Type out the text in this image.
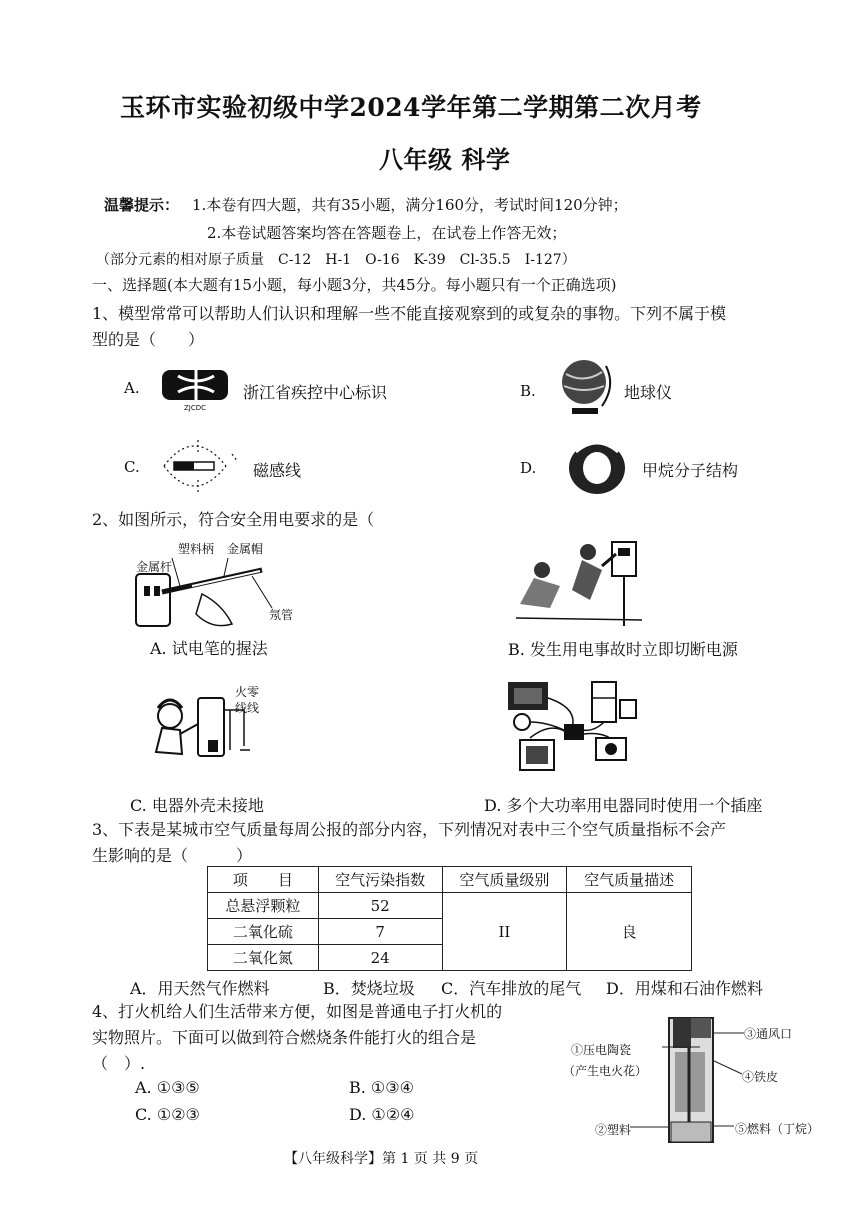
玉环市实验初级中学2024学年第二学期第二次月考
八年级 科学
温馨提示： 1.本卷有四大题，共有35小题，满分160分，考试时间120分钟；
2.本卷试题答案均答在答题卷上，在试卷上作答无效；
（部分元素的相对原子质量　C-12　H-1　O-16　K-39　Cl-35.5　I-127）
一、选择题(本大题有15小题，每小题3分，共45分。每小题只有一个正确选项)
1、模型常常可以帮助人们认识和理解一些不能直接观察到的或复杂的事物。下列不属于模
型的是（　　）
A.
ZJCDC
浙江省疾控中心标识	B.	地球仪
C.	磁感线	D.	甲烷分子结构
2、如图所示，符合安全用电要求的是（
塑料柄 金属帽
金属杆
氖管
A. 试电笔的握法	B. 发生用电事故时立即切断电源
火零
线线
C. 电器外壳未接地	D. 多个大功率用电器同时使用一个插座
3、下表是某城市空气质量每周公报的部分内容，下列情况对表中三个空气质量指标不会产
生影响的是（　　　）
项　　目	空气污染指数	空气质量级别	空气质量描述
总悬浮颗粒	52	II	良
二氧化硫	7		
二氧化氮	24		
A．用天然气作燃料	B．焚烧垃圾 C．汽车排放的尾气 D．用煤和石油作燃料
4、打火机给人们生活带来方便，如图是普通电子打火机的
实物照片。下面可以做到符合燃烧条件能打火的组合是
（　）.
A. ①③⑤	B. ①③④
C. ①②③	D. ①②④
①压电陶瓷
（产生电火花）
②塑料
③通风口
④铁皮
⑤燃料（丁烷）
【八年级科学】第 1 页 共 9 页
